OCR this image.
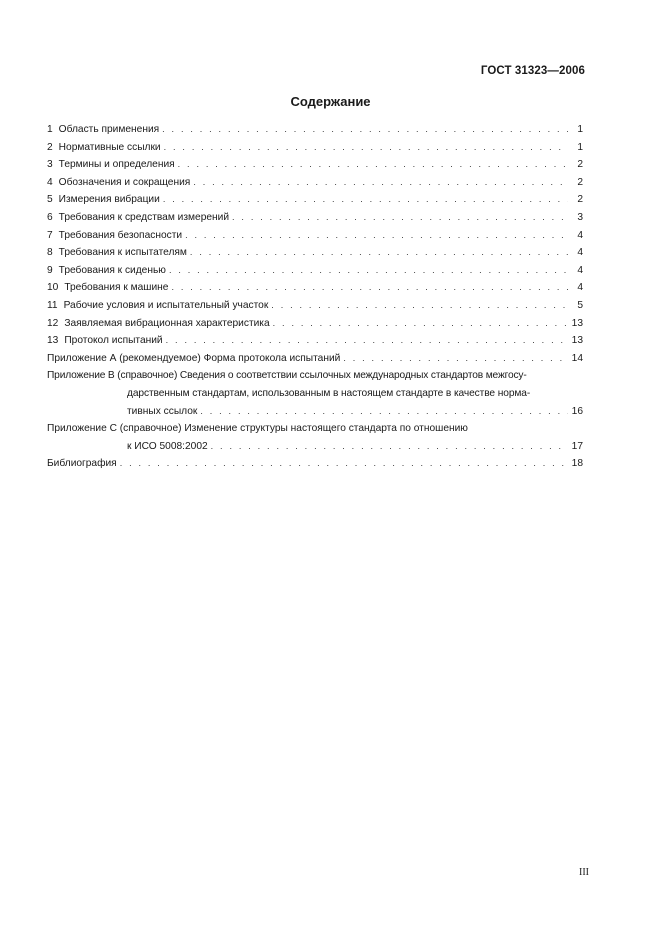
ГОСТ 31323—2006
Содержание
1 Область применения . . .	1
2 Нормативные ссылки . . .	1
3 Термины и определения . . .	2
4 Обозначения и сокращения . . .	2
5 Измерения вибрации . . .	2
6 Требования к средствам измерений . . .	3
7 Требования безопасности . . .	4
8 Требования к испытателям . . .	4
9 Требования к сиденью . . .	4
10 Требования к машине . . .	4
11 Рабочие условия и испытательный участок . . .	5
12 Заявляемая вибрационная характеристика . . .	13
13 Протокол испытаний . . .	13
Приложение А (рекомендуемое) Форма протокола испытаний . . .	14
Приложение В (справочное) Сведения о соответствии ссылочных международных стандартов межгосу-
дарственным стандартам, использованным в настоящем стандарте в качестве норма-
тивных ссылок . . .	16
Приложение С (справочное) Изменение структуры настоящего стандарта по отношению
к ИСО 5008:2002 . . .	17
Библиография . . .	18
III
